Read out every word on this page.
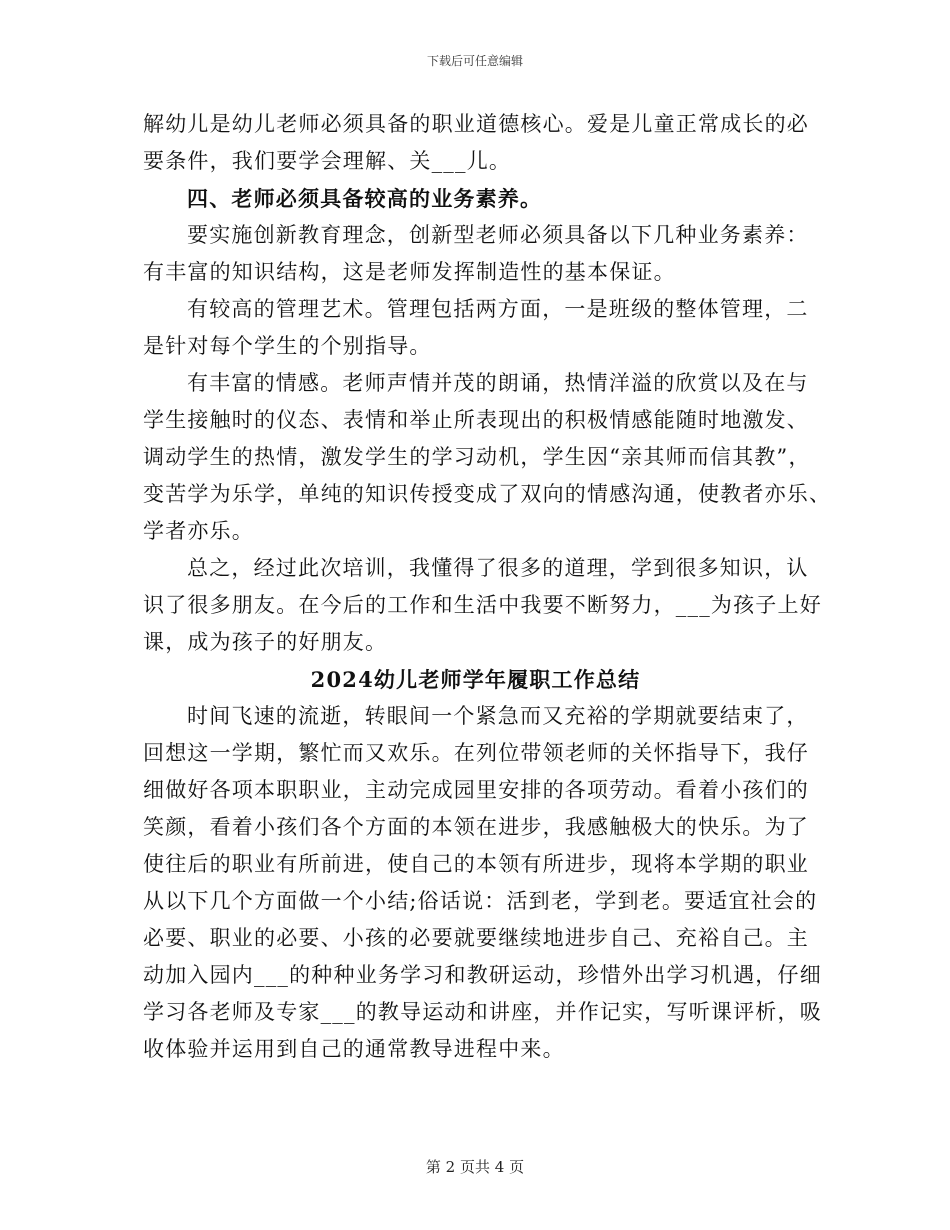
下载后可任意编辑
解幼儿是幼儿老师必须具备的职业道德核心。爱是儿童正常成长的必
要条件，我们要学会理解、关___儿。
四、老师必须具备较高的业务素养。
要实施创新教育理念，创新型老师必须具备以下几种业务素养：
有丰富的知识结构，这是老师发挥制造性的基本保证。
有较高的管理艺术。管理包括两方面，一是班级的整体管理，二
是针对每个学生的个别指导。
有丰富的情感。老师声情并茂的朗诵，热情洋溢的欣赏以及在与
学生接触时的仪态、表情和举止所表现出的积极情感能随时地激发、
调动学生的热情，激发学生的学习动机，学生因“亲其师而信其教”，
变苦学为乐学，单纯的知识传授变成了双向的情感沟通，使教者亦乐、
学者亦乐。
总之，经过此次培训，我懂得了很多的道理，学到很多知识，认
识了很多朋友。在今后的工作和生活中我要不断努力，___为孩子上好
课，成为孩子的好朋友。
2024幼儿老师学年履职工作总结
时间飞速的流逝，转眼间一个紧急而又充裕的学期就要结束了，
回想这一学期，繁忙而又欢乐。在列位带领老师的关怀指导下，我仔
细做好各项本职职业，主动完成园里安排的各项劳动。看着小孩们的
笑颜，看着小孩们各个方面的本领在进步，我感触极大的快乐。为了
使往后的职业有所前进，使自己的本领有所进步，现将本学期的职业
从以下几个方面做一个小结;俗话说：活到老，学到老。要适宜社会的
必要、职业的必要、小孩的必要就要继续地进步自己、充裕自己。主
动加入园内___的种种业务学习和教研运动，珍惜外出学习机遇，仔细
学习各老师及专家___的教导运动和讲座，并作记实，写听课评析，吸
收体验并运用到自己的通常教导进程中来。
第 2 页共 4 页
